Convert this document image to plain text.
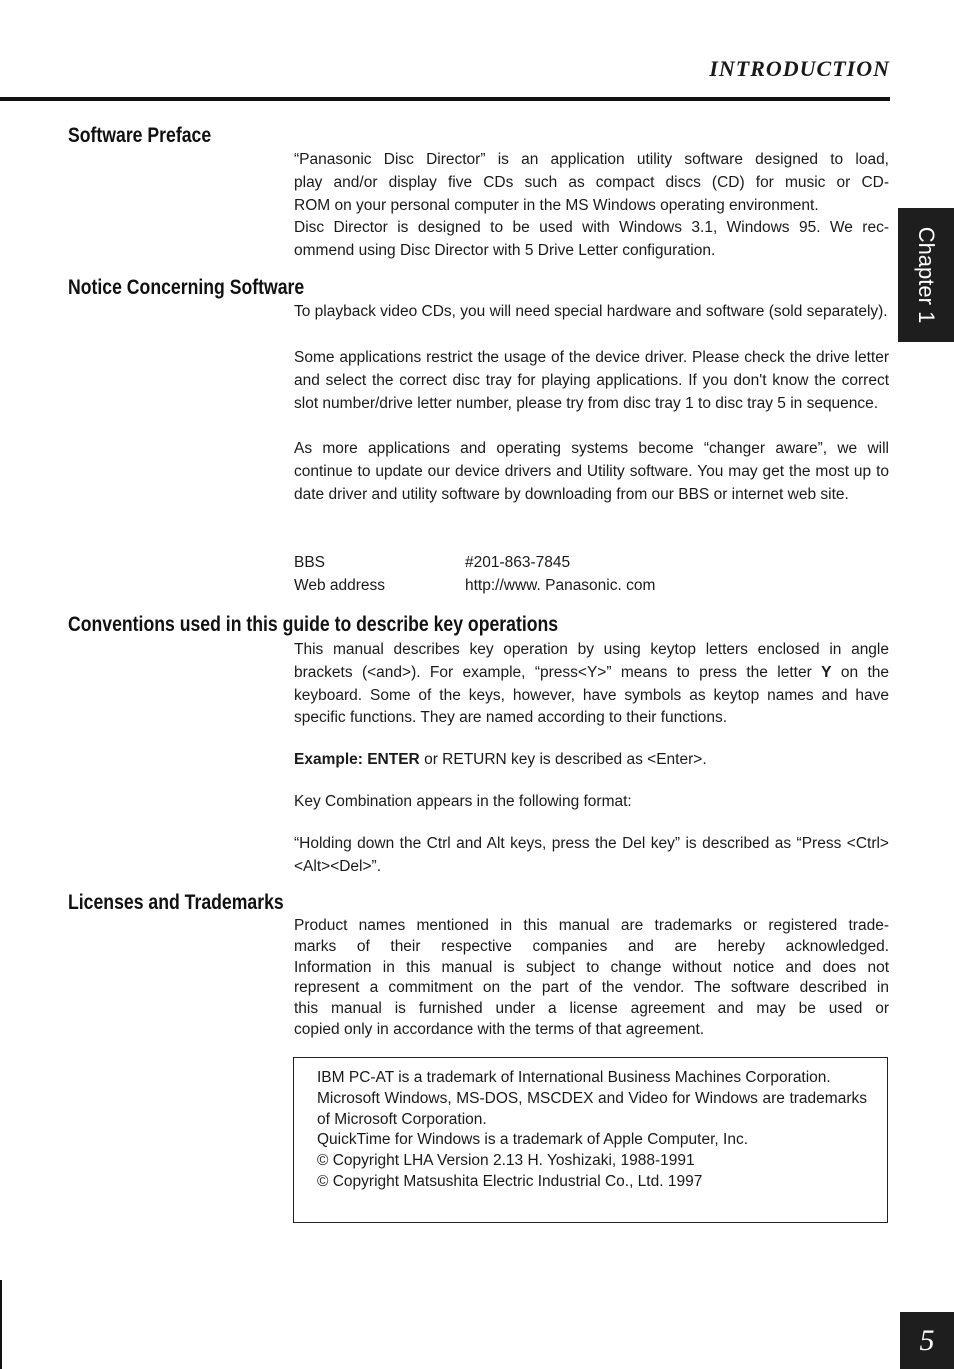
INTRODUCTION
Chapter 1
Software Preface
“Panasonic Disc Director” is an application utility software designed to load,
play and/or display five CDs such as compact discs (CD) for music or CD-
ROM on your personal computer in the MS Windows operating environment.
Disc Director is designed to be used with Windows 3.1, Windows 95. We rec-
ommend using Disc Director with 5 Drive Letter configuration.
Notice Concerning Software

To playback video CDs, you will need special hardware and software (sold separately).

Some applications restrict the usage of the device driver. Please check the drive letter and select the correct disc tray for playing applications. If you don't know the correct slot number/drive letter number, please try from disc tray 1 to disc tray 5 in sequence.

As more applications and operating systems become “changer aware”, we will continue to update our device drivers and Utility software. You may get the most up to date driver and utility software by downloading from our BBS or internet web site.

BBS	#201-863-7845
Web address	http://www. Panasonic. com
Conventions used in this guide to describe key operations

This manual describes key operation by using keytop letters enclosed in angle brackets (<and>). For example, “press<Y>” means to press the letter Y on the keyboard. Some of the keys, however, have symbols as keytop names and have specific functions. They are named according to their functions.

Example: ENTER or RETURN key is described as <Enter>.

Key Combination appears in the following format:

“Holding down the Ctrl and Alt keys, press the Del key” is described as “Press <Ctrl><Alt><Del>”.

Licenses and Trademarks
Product names mentioned in this manual are trademarks or registered trade-
marks of their respective companies and are hereby acknowledged.
Information in this manual is subject to change without notice and does not
represent a commitment on the part of the vendor. The software described in
this manual is furnished under a license agreement and may be used or
copied only in accordance with the terms of that agreement.
IBM PC-AT is a trademark of International Business Machines Corporation.
Microsoft Windows, MS-DOS, MSCDEX and Video for Windows are trademarks of Microsoft Corporation.
QuickTime for Windows is a trademark of Apple Computer, Inc.
© Copyright LHA Version 2.13 H. Yoshizaki, 1988-1991
© Copyright Matsushita Electric Industrial Co., Ltd. 1997
5
